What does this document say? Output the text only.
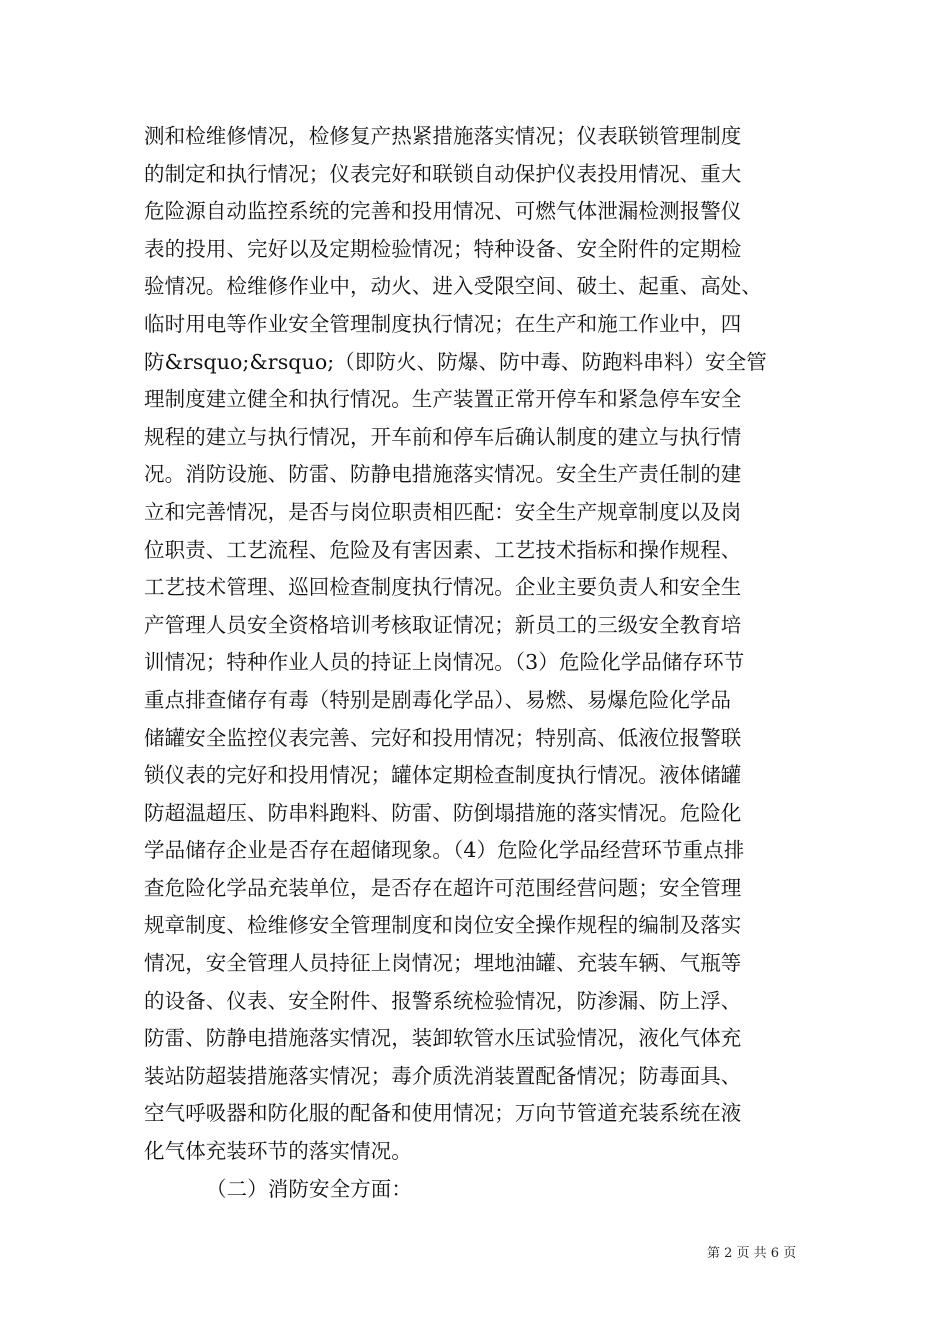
测和检维修情况，检修复产热紧措施落实情况；仪表联锁管理制度
的制定和执行情况；仪表完好和联锁自动保护仪表投用情况、重大
危险源自动监控系统的完善和投用情况、可燃气体泄漏检测报警仪
表的投用、完好以及定期检验情况；特种设备、安全附件的定期检
验情况。检维修作业中，动火、进入受限空间、破土、起重、高处、
临时用电等作业安全管理制度执行情况；在生产和施工作业中，四
防&rsquo;&rsquo;（即防火、防爆、防中毒、防跑料串料）安全管
理制度建立健全和执行情况。生产装置正常开停车和紧急停车安全
规程的建立与执行情况，开车前和停车后确认制度的建立与执行情
况。消防设施、防雷、防静电措施落实情况。安全生产责任制的建
立和完善情况，是否与岗位职责相匹配：安全生产规章制度以及岗
位职责、工艺流程、危险及有害因素、工艺技术指标和操作规程、
工艺技术管理、巡回检查制度执行情况。企业主要负责人和安全生
产管理人员安全资格培训考核取证情况；新员工的三级安全教育培
训情况；特种作业人员的持证上岗情况。（3）危险化学品储存环节
重点排查储存有毒（特别是剧毒化学品）、易燃、易爆危险化学品
储罐安全监控仪表完善、完好和投用情况；特别高、低液位报警联
锁仪表的完好和投用情况；罐体定期检查制度执行情况。液体储罐
防超温超压、防串料跑料、防雷、防倒塌措施的落实情况。危险化
学品储存企业是否存在超储现象。（4）危险化学品经营环节重点排
查危险化学品充装单位，是否存在超许可范围经营问题；安全管理
规章制度、检维修安全管理制度和岗位安全操作规程的编制及落实
情况，安全管理人员持征上岗情况；埋地油罐、充装车辆、气瓶等
的设备、仪表、安全附件、报警系统检验情况，防渗漏、防上浮、
防雷、防静电措施落实情况，装卸软管水压试验情况，液化气体充
装站防超装措施落实情况；毒介质洗消装置配备情况；防毒面具、
空气呼吸器和防化服的配备和使用情况；万向节管道充装系统在液
化气体充装环节的落实情况。
（二）消防安全方面：
第 2 页 共 6 页
